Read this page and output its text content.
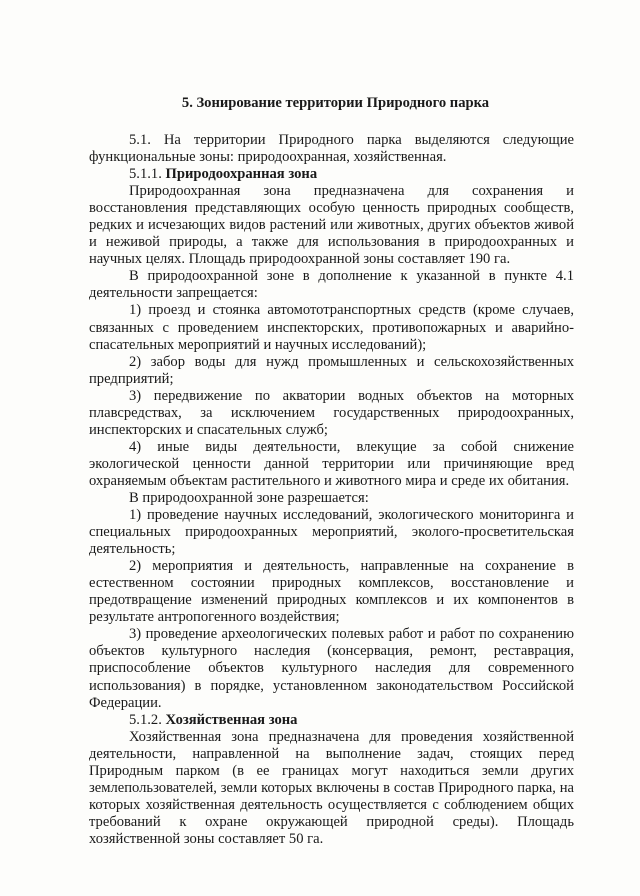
5. Зонирование территории Природного парка

5.1. На территории Природного парка выделяются следующие функциональные зоны: природоохранная, хозяйственная.

5.1.1. Природоохранная зона

Природоохранная зона предназначена для сохранения и восстановления представляющих особую ценность природных сообществ, редких и исчезающих видов растений или животных, других объектов живой и неживой природы, а также для использования в природоохранных и научных целях. Площадь природоохранной зоны составляет 190 га.

В природоохранной зоне в дополнение к указанной в пункте 4.1 деятельности запрещается:

1) проезд и стоянка автомототранспортных средств (кроме случаев, связанных с проведением инспекторских, противопожарных и аварийно-спасательных мероприятий и научных исследований);

2) забор воды для нужд промышленных и сельскохозяйственных предприятий;

3) передвижение по акватории водных объектов на моторных плавсредствах, за исключением государственных природоохранных, инспекторских и спасательных служб;

4) иные виды деятельности, влекущие за собой снижение экологической ценности данной территории или причиняющие вред охраняемым объектам растительного и животного мира и среде их обитания.

В природоохранной зоне разрешается:

1) проведение научных исследований, экологического мониторинга и специальных природоохранных мероприятий, эколого-просветительская деятельность;

2) мероприятия и деятельность, направленные на сохранение в естественном состоянии природных комплексов, восстановление и предотвращение изменений природных комплексов и их компонентов в результате антропогенного воздействия;

3) проведение археологических полевых работ и работ по сохранению объектов культурного наследия (консервация, ремонт, реставрация, приспособление объектов культурного наследия для современного использования) в порядке, установленном законодательством Российской Федерации.

5.1.2. Хозяйственная зона

Хозяйственная зона предназначена для проведения хозяйственной деятельности, направленной на выполнение задач, стоящих перед Природным парком (в ее границах могут находиться земли других землепользователей, земли которых включены в состав Природного парка, на которых хозяйственная деятельность осуществляется с соблюдением общих требований к охране окружающей природной среды). Площадь хозяйственной зоны составляет 50 га.
